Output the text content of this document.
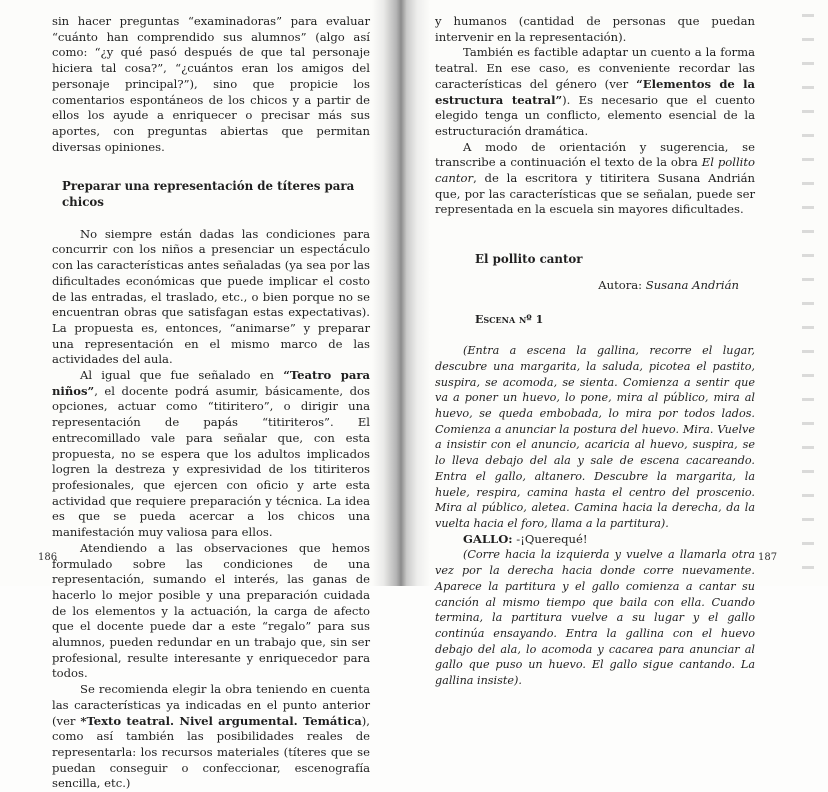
sin hacer preguntas “examinadoras” para evaluar “cuánto han comprendido sus alumnos” (algo así como: “¿y qué pasó después de que tal personaje hiciera tal cosa?”, “¿cuántos eran los amigos del personaje principal?”), sino que propicie los comentarios espontáneos de los chicos y a partir de ellos los ayude a enriquecer o precisar más sus aportes, con preguntas abiertas que permitan diversas opiniones.

Preparar una representación de títeres para chicos

No siempre están dadas las condiciones para concurrir con los niños a presenciar un espectáculo con las características antes señaladas (ya sea por las dificultades económicas que puede implicar el costo de las entradas, el traslado, etc., o bien porque no se encuentran obras que satisfagan estas expectativas). La propuesta es, entonces, “animarse” y preparar una representación en el mismo marco de las actividades del aula.

Al igual que fue señalado en “Teatro para niños”, el docente podrá asumir, básicamente, dos opciones, actuar como “titiritero”, o dirigir una representación de papás “titiriteros”. El entrecomillado vale para señalar que, con esta propuesta, no se espera que los adultos implicados logren la destreza y expresividad de los titiriteros profesionales, que ejercen con oficio y arte esta actividad que requiere preparación y técnica. La idea es que se pueda acercar a los chicos una manifestación muy valiosa para ellos.

Atendiendo a las observaciones que hemos formulado sobre las condiciones de una representación, sumando el interés, las ganas de hacerlo lo mejor posible y una preparación cuidada de los elementos y la actuación, la carga de afecto que el docente puede dar a este “regalo” para sus alumnos, pueden redundar en un trabajo que, sin ser profesional, resulte interesante y enriquecedor para todos.

Se recomienda elegir la obra teniendo en cuenta las características ya indicadas en el punto anterior (ver *Texto teatral. Nivel argumental. Temática), como así también las posibilidades reales de representarla: los recursos materiales (títeres que se puedan conseguir o confeccionar, escenografía sencilla, etc.)

186

y humanos (cantidad de personas que puedan intervenir en la representación).

También es factible adaptar un cuento a la forma teatral. En ese caso, es conveniente recordar las características del género (ver “Elementos de la estructura teatral”). Es necesario que el cuento elegido tenga un conflicto, elemento esencial de la estructuración dramática.

A modo de orientación y sugerencia, se transcribe a continuación el texto de la obra El pollito cantor, de la escritora y titiritera Susana Andrián que, por las características que se señalan, puede ser representada en la escuela sin mayores dificultades.

El pollito cantor

Autora: Susana Andrián

Escena nº 1

(Entra a escena la gallina, recorre el lugar, descubre una margarita, la saluda, picotea el pastito, suspira, se acomoda, se sienta. Comienza a sentir que va a poner un huevo, lo pone, mira al público, mira al huevo, se queda embobada, lo mira por todos lados. Comienza a anunciar la postura del huevo. Mira. Vuelve a insistir con el anuncio, acaricia al huevo, suspira, se lo lleva debajo del ala y sale de escena cacareando. Entra el gallo, altanero. Descubre la margarita, la huele, respira, camina hasta el centro del proscenio. Mira al público, aletea. Camina hacia la derecha, da la vuelta hacia el foro, llama a la partitura).

GALLO: -¡Querequé!

(Corre hacia la izquierda y vuelve a llamarla otra vez por la derecha hacia donde corre nuevamente. Aparece la partitura y el gallo comienza a cantar su canción al mismo tiempo que baila con ella. Cuando termina, la partitura vuelve a su lugar y el gallo continúa ensayando. Entra la gallina con el huevo debajo del ala, lo acomoda y cacarea para anunciar al gallo que puso un huevo. El gallo sigue cantando. La gallina insiste).

187
